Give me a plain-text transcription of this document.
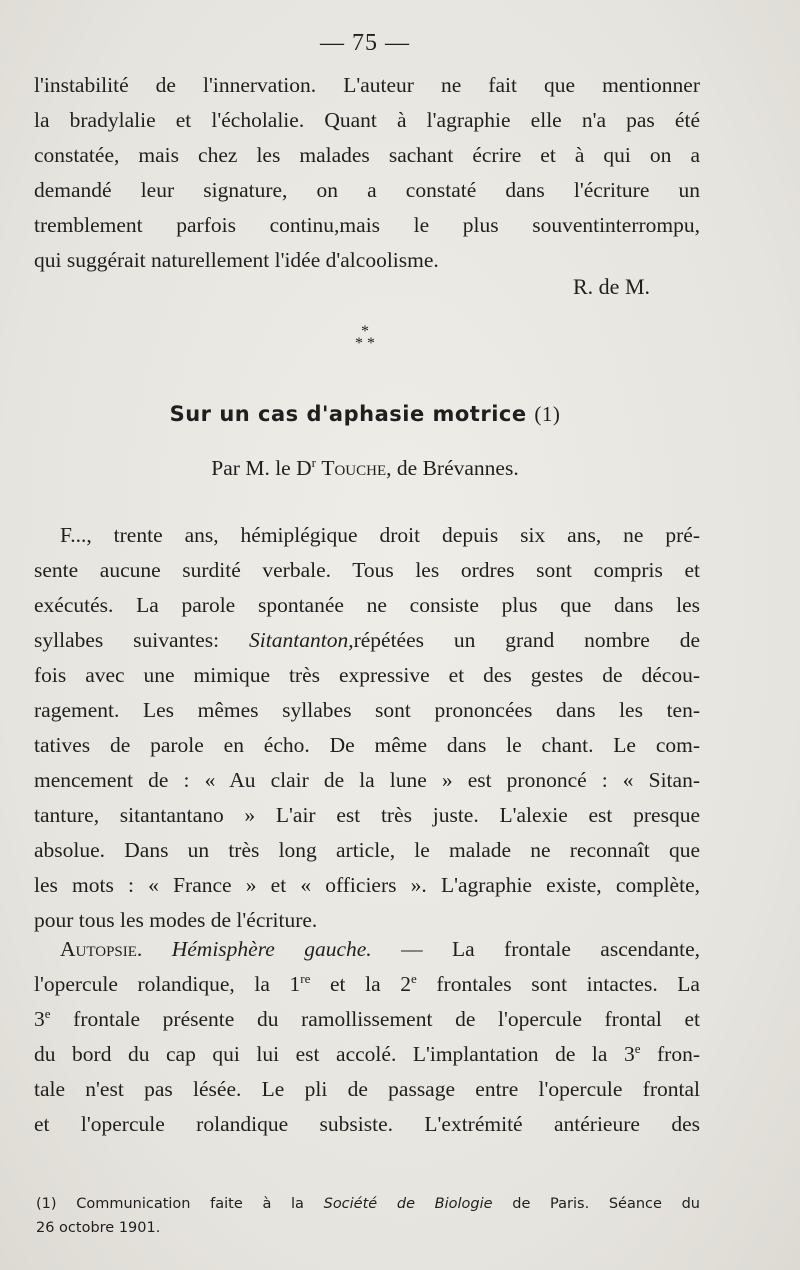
— 75 —
l'instabilité de l'innervation. L'auteur ne fait que mentionner
la bradylalie et l'écholalie. Quant à l'agraphie elle n'a pas été
constatée, mais chez les malades sachant écrire et à qui on a
demandé leur signature, on a constaté dans l'écriture un
tremblement parfois continu,mais le plus souventinterrompu,
qui suggérait naturellement l'idée d'alcoolisme.
R. de M.
*
* *
Sur un cas d'aphasie motrice (1)
Par M. le $D^r$ Touche, de Brévannes.
F..., trente ans, hémiplégique droit depuis six ans, ne pré-
sente aucune surdité verbale. Tous les ordres sont compris et
exécutés. La parole spontanée ne consiste plus que dans les
syllabes suivantes: Sitantanton,répétées un grand nombre de
fois avec une mimique très expressive et des gestes de décou-
ragement. Les mêmes syllabes sont prononcées dans les ten-
tatives de parole en écho. De même dans le chant. Le com-
mencement de : « Au clair de la lune » est prononcé : « Sitan-
tanture, sitantantano » L'air est très juste. L'alexie est presque
absolue. Dans un très long article, le malade ne reconnaît que
les mots : « France » et « officiers ». L'agraphie existe, complète,
pour tous les modes de l'écriture.
Autopsie. Hémisphère gauche. — La frontale ascendante,
l'opercule rolandique, la 1re et la 2e frontales sont intactes. La
3e frontale présente du ramollissement de l'opercule frontal et
du bord du cap qui lui est accolé. L'implantation de la 3e fron-
tale n'est pas lésée. Le pli de passage entre l'opercule frontal
et l'opercule rolandique subsiste. L'extrémité antérieure des
(1) Communication faite à la Société de Biologie de Paris. Séance du
26 octobre 1901.
